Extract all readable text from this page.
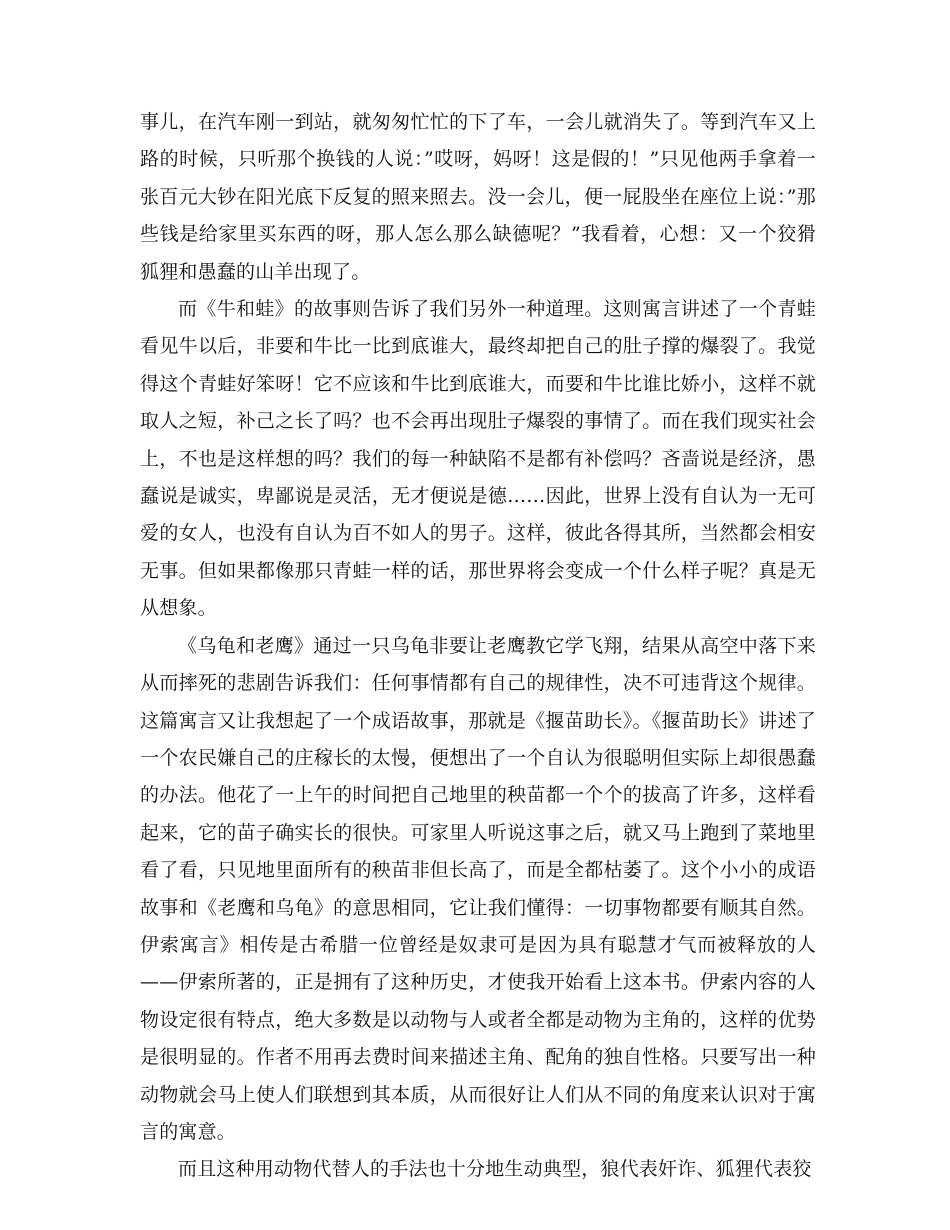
事儿，在汽车刚一到站，就匆匆忙忙的下了车，一会儿就消失了。等到汽车又上路的时候，只听那个换钱的人说：”哎呀，妈呀！这是假的！”只见他两手拿着一张百元大钞在阳光底下反复的照来照去。没一会儿，便一屁股坐在座位上说：”那些钱是给家里买东西的呀，那人怎么那么缺德呢？”我看着，心想：又一个狡猾狐狸和愚蠢的山羊出现了。

而《牛和蛙》的故事则告诉了我们另外一种道理。这则寓言讲述了一个青蛙看见牛以后，非要和牛比一比到底谁大，最终却把自己的肚子撑的爆裂了。我觉得这个青蛙好笨呀！它不应该和牛比到底谁大，而要和牛比谁比娇小，这样不就取人之短，补己之长了吗？也不会再出现肚子爆裂的事情了。而在我们现实社会上，不也是这样想的吗？我们的每一种缺陷不是都有补偿吗？吝啬说是经济，愚蠢说是诚实，卑鄙说是灵活，无才便说是德……因此，世界上没有自认为一无可爱的女人，也没有自认为百不如人的男子。这样，彼此各得其所，当然都会相安无事。但如果都像那只青蛙一样的话，那世界将会变成一个什么样子呢？真是无从想象。

《乌龟和老鹰》通过一只乌龟非要让老鹰教它学飞翔，结果从高空中落下来从而摔死的悲剧告诉我们：任何事情都有自己的规律性，决不可违背这个规律。这篇寓言又让我想起了一个成语故事，那就是《揠苗助长》。《揠苗助长》讲述了一个农民嫌自己的庄稼长的太慢，便想出了一个自认为很聪明但实际上却很愚蠢的办法。他花了一上午的时间把自己地里的秧苗都一个个的拔高了许多，这样看起来，它的苗子确实长的很快。可家里人听说这事之后，就又马上跑到了菜地里看了看，只见地里面所有的秧苗非但长高了，而是全都枯萎了。这个小小的成语故事和《老鹰和乌龟》的意思相同，它让我们懂得：一切事物都要有顺其自然。伊索寓言》相传是古希腊一位曾经是奴隶可是因为具有聪慧才气而被释放的人——伊索所著的，正是拥有了这种历史，才使我开始看上这本书。伊索内容的人物设定很有特点，绝大多数是以动物与人或者全都是动物为主角的，这样的优势是很明显的。作者不用再去费时间来描述主角、配角的独自性格。只要写出一种动物就会马上使人们联想到其本质，从而很好让人们从不同的角度来认识对于寓言的寓意。

而且这种用动物代替人的手法也十分地生动典型，狼代表奸诈、狐狸代表狡
